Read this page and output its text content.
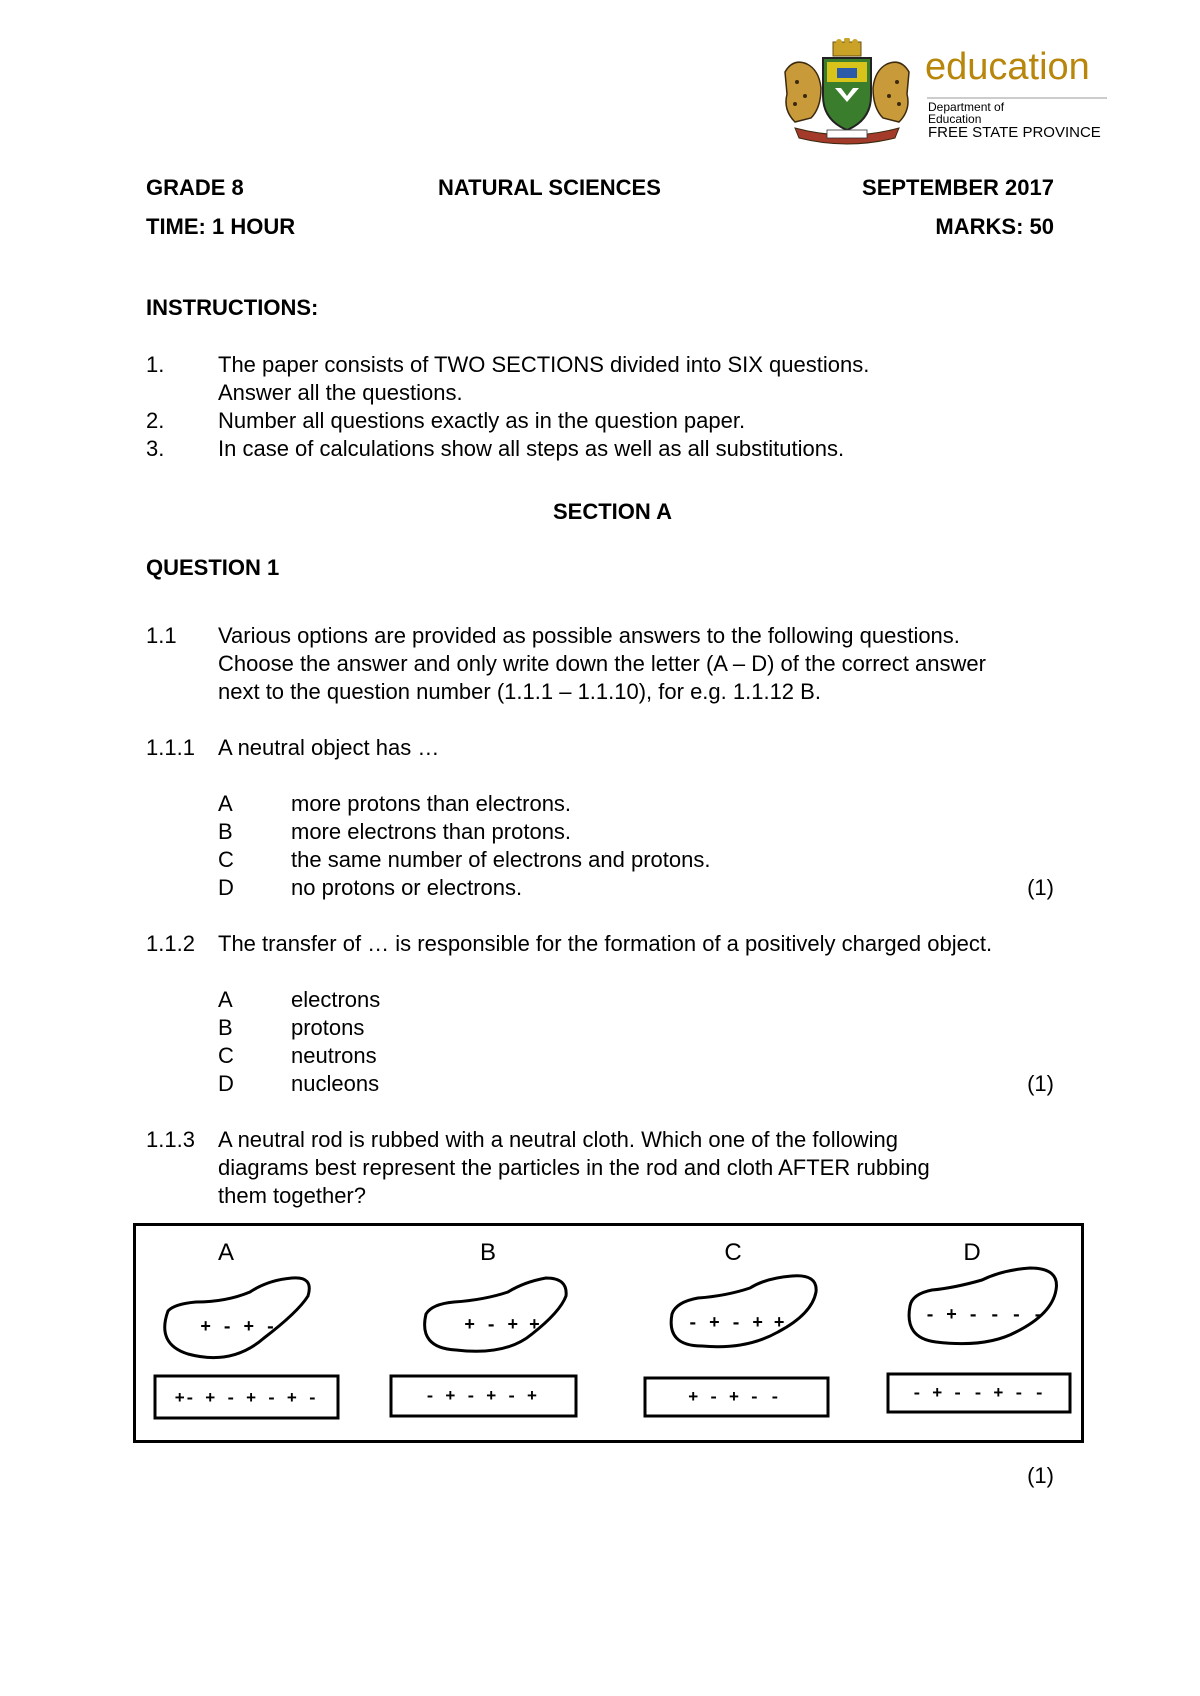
education
Department of
Education
FREE STATE PROVINCE
GRADE 8	NATURAL SCIENCES	SEPTEMBER 2017
TIME: 1 HOUR	MARKS: 50
INSTRUCTIONS:
1. The paper consists of TWO SECTIONS divided into SIX questions.
Answer all the questions.
2. Number all questions exactly as in the question paper.
3. In case of calculations show all steps as well as all substitutions.
SECTION A
QUESTION 1
1.1 Various options are provided as possible answers to the following questions.
Choose the answer and only write down the letter (A – D) of the correct answer
next to the question number (1.1.1 – 1.1.10), for e.g. 1.1.12 B.
1.1.1 A neutral object has …
A	more protons than electrons.
B	more electrons than protons.
C	the same number of electrons and protons.
D	no protons or electrons.	(1)
1.1.2 The transfer of … is responsible for the formation of a positively charged object.
A	electrons
B	protons
C	neutrons
D	nucleons	(1)
1.1.3 A neutral rod is rubbed with a neutral cloth. Which one of the following
diagrams best represent the particles in the rod and cloth AFTER rubbing
them together?
A
+ - + -
+- + - + - + -
B
+ - + +
- + - + - +
C
- + - + +
+ - + - -
D
- + - - - -
- + - - + - -
(1)
